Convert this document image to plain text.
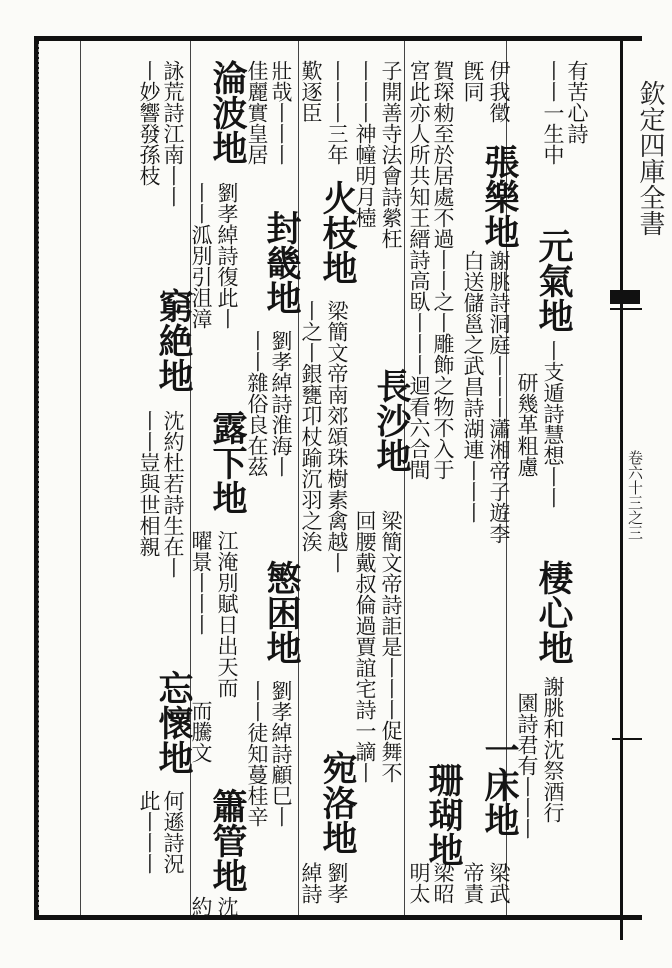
欽定四庫全書
卷六十三之三
有苦心詩
丨丨一生中
元氣地
丨支遁詩慧想丨丨
棲心地
謝朓和沈祭酒行
研幾革粗慮
園詩君有丨丨丨
伊我徵
張樂地
謝朓詩洞庭丨丨丨瀟湘帝子遊李
一床地
梁武
旣同
白送儲邕之武昌詩湖連丨丨丨
帝責
賀琛勑至於居處不過丨丨之丨雕飾之物不入于
珊瑚地
梁昭
宮此亦人所共知王縉詩高臥丨丨丨迴看六合間
明太
子開善寺法會詩縈枉
長沙地
梁簡文帝詩詎是丨丨丨促舞不
丨丨丨神幢明月㯛
回腰戴叔倫過賈誼宅詩一謫丨
丨丨丨三年
火枝地
梁簡文帝南郊頌珠樹素禽越丨
宛洛地
劉孝
歎逐臣
丨之丨銀甕卭杖踰沉羽之涘
綽詩
壯哉丨丨丨
封畿地
劉孝綽詩淮海丨
慜困地
劉孝綽詩顧巳丨
佳麗實皇居
丨丨雜俗良在茲
丨丨徒知蔓桂辛
淪波地
劉孝綽詩復此丨
露下地
江淹別賦日出天而
簫管地
沈
丨丨泒別引沮漳
曜景丨丨丨
而騰文
約
詠荒詩江南丨丨
窮絶地
沈約杜若詩生在丨
忘懷地
何遜詩況
丨妙響發孫枝
丨丨豈與世相親
此丨丨丨
